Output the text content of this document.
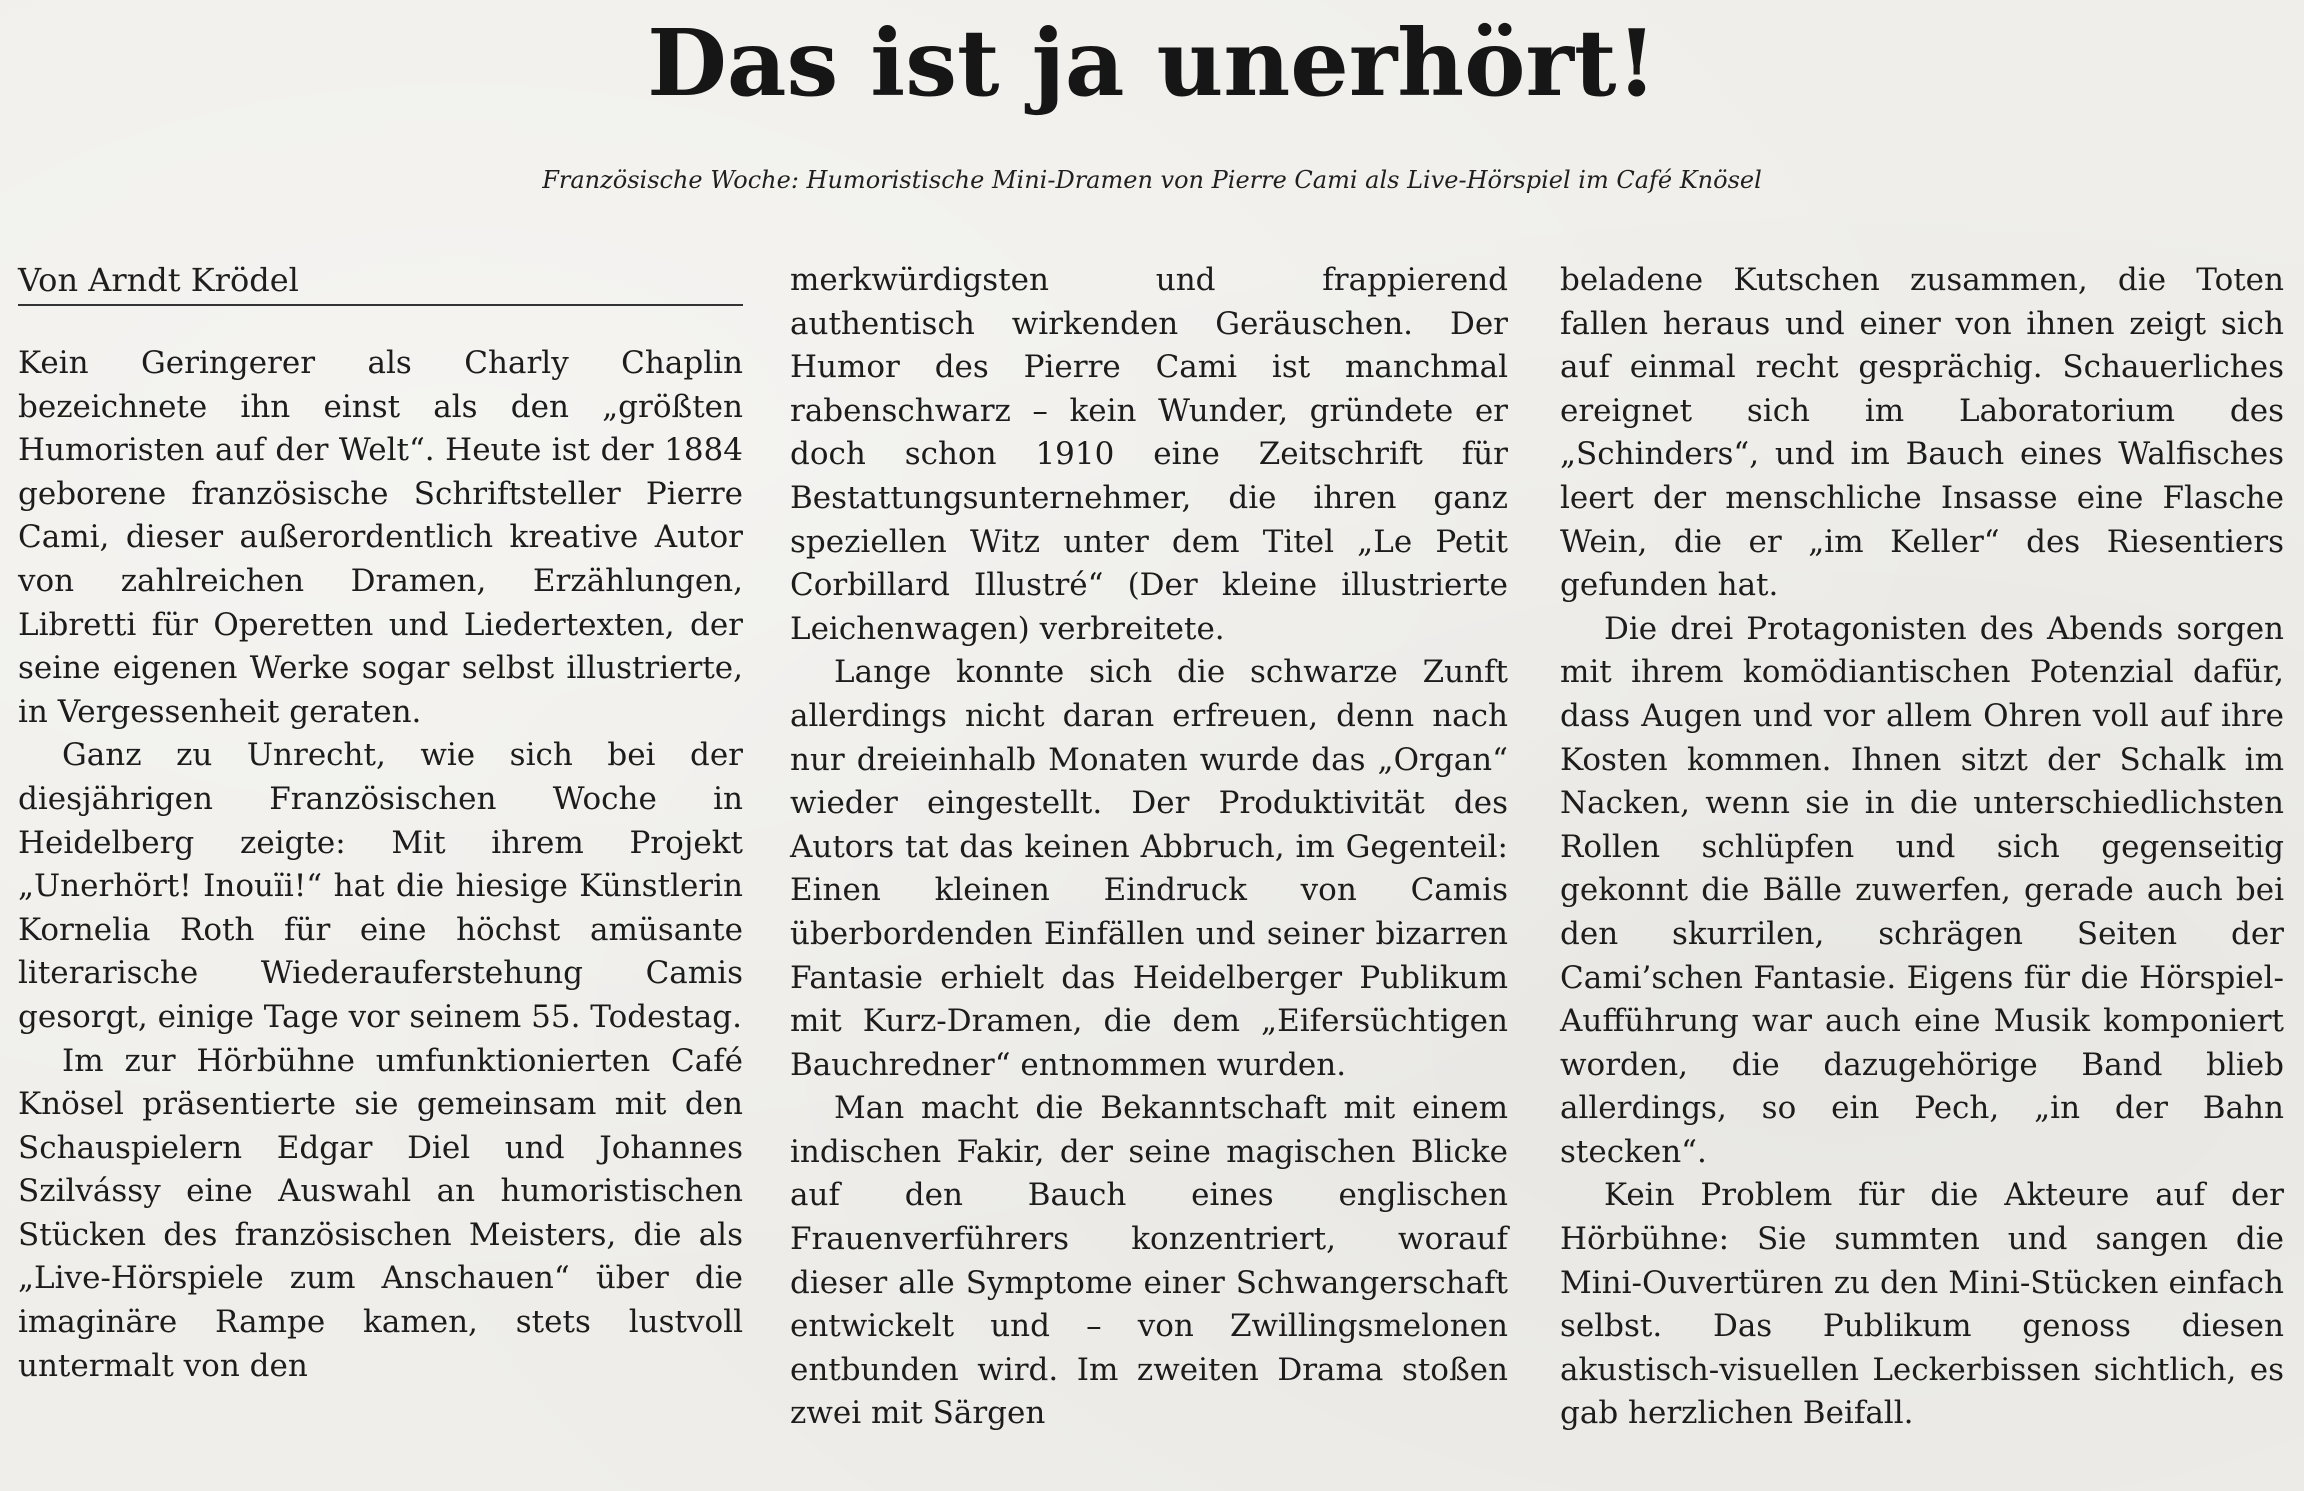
Das ist ja unerhört!
Französische Woche: Humoristische Mini-Dramen von Pierre Cami als Live-Hörspiel im Café Knösel
Von Arndt Krödel

Kein Geringerer als Charly Chaplin bezeichnete ihn einst als den „größten Humoristen auf der Welt“. Heute ist der 1884 geborene französische Schriftsteller Pierre Cami, dieser außerordentlich kreative Autor von zahlreichen Dramen, Erzählungen, Libretti für Operetten und Liedertexten, der seine eigenen Werke sogar selbst illustrierte, in Vergessenheit geraten.

Ganz zu Unrecht, wie sich bei der diesjährigen Französischen Woche in Heidelberg zeigte: Mit ihrem Projekt „Unerhört! Inouïi!“ hat die hiesige Künstlerin Kornelia Roth für eine höchst amüsante literarische Wiederauferstehung Camis gesorgt, einige Tage vor seinem 55. Todestag.

Im zur Hörbühne umfunktionierten Café Knösel präsentierte sie gemeinsam mit den Schauspielern Edgar Diel und Johannes Szilvássy eine Auswahl an humoristischen Stücken des französischen Meisters, die als „Live-Hörspiele zum Anschauen“ über die imaginäre Rampe kamen, stets lustvoll untermalt von den

merkwürdigsten und frappierend authentisch wirkenden Geräuschen. Der Humor des Pierre Cami ist manchmal rabenschwarz – kein Wunder, gründete er doch schon 1910 eine Zeitschrift für Bestattungsunternehmer, die ihren ganz speziellen Witz unter dem Titel „Le Petit Corbillard Illustré“ (Der kleine illustrierte Leichenwagen) verbreitete.

Lange konnte sich die schwarze Zunft allerdings nicht daran erfreuen, denn nach nur dreieinhalb Monaten wurde das „Organ“ wieder eingestellt. Der Produktivität des Autors tat das keinen Abbruch, im Gegenteil: Einen kleinen Eindruck von Camis überbordenden Einfällen und seiner bizarren Fantasie erhielt das Heidelberger Publikum mit Kurz-Dramen, die dem „Eifersüchtigen Bauchredner“ entnommen wurden.

Man macht die Bekanntschaft mit einem indischen Fakir, der seine magischen Blicke auf den Bauch eines englischen Frauenverführers konzentriert, worauf dieser alle Symptome einer Schwangerschaft entwickelt und – von Zwillingsmelonen entbunden wird. Im zweiten Drama stoßen zwei mit Särgen

beladene Kutschen zusammen, die Toten fallen heraus und einer von ihnen zeigt sich auf einmal recht gesprächig. Schauerliches ereignet sich im Laboratorium des „Schinders“, und im Bauch eines Walfisches leert der menschliche Insasse eine Flasche Wein, die er „im Keller“ des Riesentiers gefunden hat.

Die drei Protagonisten des Abends sorgen mit ihrem komödiantischen Potenzial dafür, dass Augen und vor allem Ohren voll auf ihre Kosten kommen. Ihnen sitzt der Schalk im Nacken, wenn sie in die unterschiedlichsten Rollen schlüpfen und sich gegenseitig gekonnt die Bälle zuwerfen, gerade auch bei den skurrilen, schrägen Seiten der Cami’schen Fantasie. Eigens für die Hörspiel-Aufführung war auch eine Musik komponiert worden, die dazugehörige Band blieb allerdings, so ein Pech, „in der Bahn stecken“.

Kein Problem für die Akteure auf der Hörbühne: Sie summten und sangen die Mini-Ouvertüren zu den Mini-Stücken einfach selbst. Das Publikum genoss diesen akustisch-visuellen Leckerbissen sichtlich, es gab herzlichen Beifall.
